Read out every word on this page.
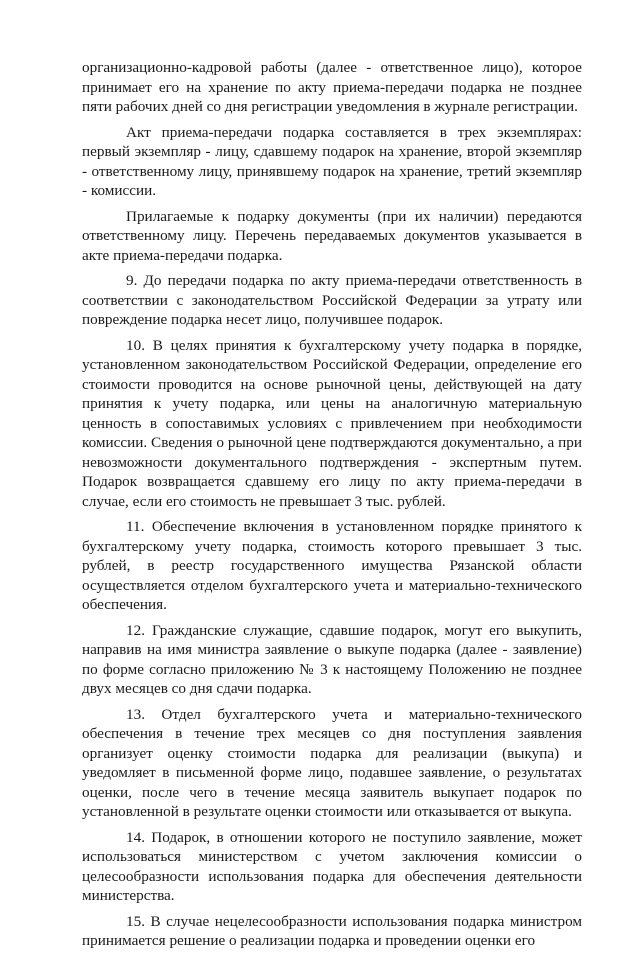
организационно-кадровой работы (далее - ответственное лицо), которое принимает его на хранение по акту приема-передачи подарка не позднее пяти рабочих дней со дня регистрации уведомления в журнале регистрации.

Акт приема-передачи подарка составляется в трех экземплярах: первый экземпляр - лицу, сдавшему подарок на хранение, второй экземпляр - ответственному лицу, принявшему подарок на хранение, третий экземпляр - комиссии.

Прилагаемые к подарку документы (при их наличии) передаются ответственному лицу. Перечень передаваемых документов указывается в акте приема-передачи подарка.

9. До передачи подарка по акту приема-передачи ответственность в соответствии с законодательством Российской Федерации за утрату или повреждение подарка несет лицо, получившее подарок.

10. В целях принятия к бухгалтерскому учету подарка в порядке, установленном законодательством Российской Федерации, определение его стоимости проводится на основе рыночной цены, действующей на дату принятия к учету подарка, или цены на аналогичную материальную ценность в сопоставимых условиях с привлечением при необходимости комиссии. Сведения о рыночной цене подтверждаются документально, а при невозможности документального подтверждения - экспертным путем. Подарок возвращается сдавшему его лицу по акту приема-передачи в случае, если его стоимость не превышает 3 тыс. рублей.

11. Обеспечение включения в установленном порядке принятого к бухгалтерскому учету подарка, стоимость которого превышает 3 тыс. рублей, в реестр государственного имущества Рязанской области осуществляется отделом бухгалтерского учета и материально-технического обеспечения.

12. Гражданские служащие, сдавшие подарок, могут его выкупить, направив на имя министра заявление о выкупе подарка (далее - заявление) по форме согласно приложению № 3 к настоящему Положению не позднее двух месяцев со дня сдачи подарка.

13. Отдел бухгалтерского учета и материально-технического обеспечения в течение трех месяцев со дня поступления заявления организует оценку стоимости подарка для реализации (выкупа) и уведомляет в письменной форме лицо, подавшее заявление, о результатах оценки, после чего в течение месяца заявитель выкупает подарок по установленной в результате оценки стоимости или отказывается от выкупа.

14. Подарок, в отношении которого не поступило заявление, может использоваться министерством с учетом заключения комиссии о целесообразности использования подарка для обеспечения деятельности министерства.

15. В случае нецелесообразности использования подарка министром принимается решение о реализации подарка и проведении оценки его
